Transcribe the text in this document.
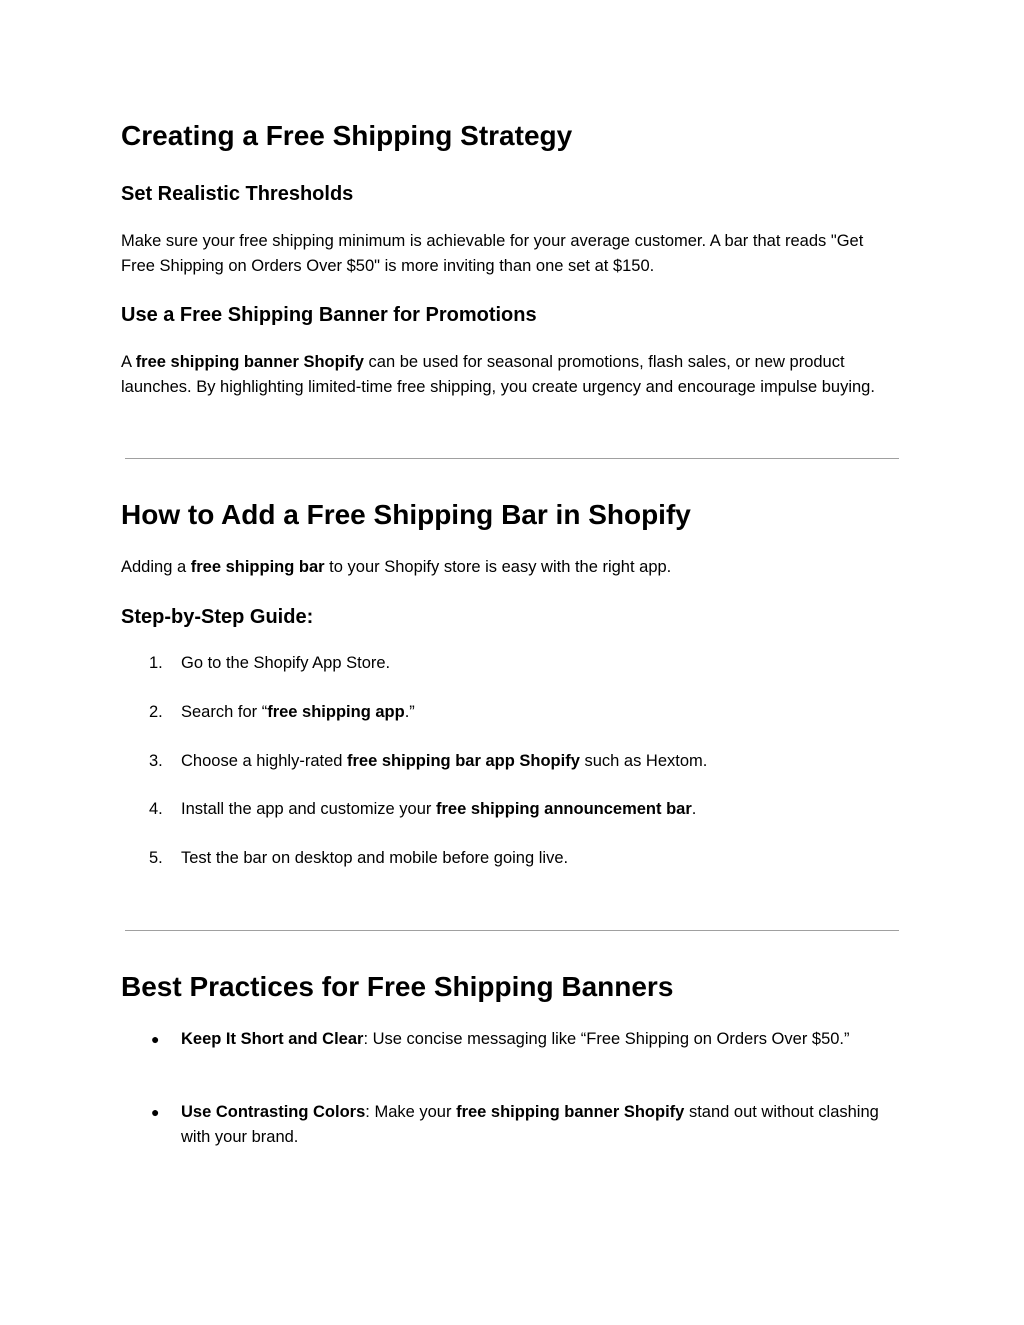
Creating a Free Shipping Strategy
Set Realistic Thresholds

Make sure your free shipping minimum is achievable for your average customer. A bar that reads "Get Free Shipping on Orders Over $50" is more inviting than one set at $150.

Use a Free Shipping Banner for Promotions

A free shipping banner Shopify can be used for seasonal promotions, flash sales, or new product launches. By highlighting limited-time free shipping, you create urgency and encourage impulse buying.

How to Add a Free Shipping Bar in Shopify

Adding a free shipping bar to your Shopify store is easy with the right app.

Step-by-Step Guide:
1.	Go to the Shopify App Store.
2.	Search for “free shipping app.”
3.	Choose a highly-rated free shipping bar app Shopify such as Hextom.
4.	Install the app and customize your free shipping announcement bar.
5.	Test the bar on desktop and mobile before going live.
Best Practices for Free Shipping Banners
● Keep It Short and Clear: Use concise messaging like “Free Shipping on Orders Over $50.”
● Use Contrasting Colors: Make your free shipping banner Shopify stand out without clashing with your brand.
